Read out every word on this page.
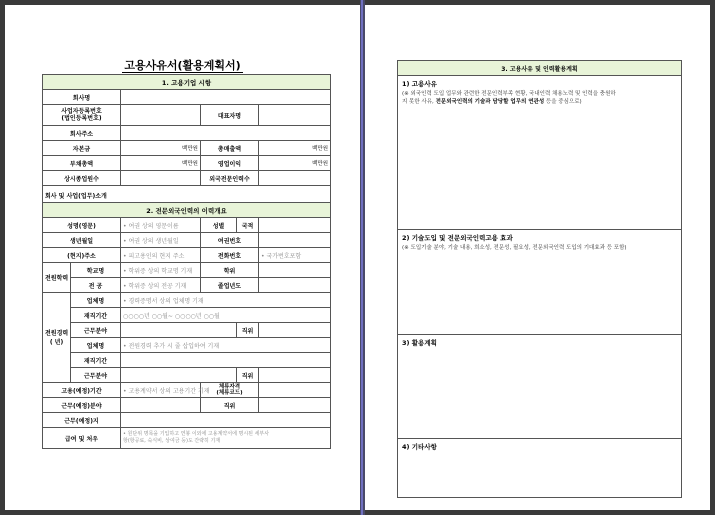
고용사유서(활용계획서)
1. 고용기업 시항					
회사명					
사업자등록번호
(법인등록번호)			대표자명		
회사주소					
자본금		백만원	총매출액		백만원
부채총액		백만원	영업이익		백만원
상시종업원수			외국전문인력수		
회사 및 사업(업무)소개					
2. 전문외국인력의 이력개요					
성명(영문)		• 여권 상의 영문이름	성별	국적	
생년월일		• 여권 상의 생년월일	여권번호		
(현지)주소		• 피고용인의 현지 주소	전화번호		• 국가번호포함
전원학력	학교명	• 학위증 상의 학교명 기재	학위		
	전 공	• 학위증 상의 전공 기재	졸업년도		
전원경력
( 년)	업체명	• 경력증명서 상의 업체명 기재			
	재직기간	○○○○년 ○○월~ ○○○○년 ○○월			
	근무분야			직위	
	업체명	• 전원경력 추가 시 줄 삽입하여 기재			
	재직기간				
	근무분야			직위	
고용(예정)기간		• 고용계약서 상의 고용기간 기재	체류자격
(체류코드)		
근무(예정)분야			직위		
근무(예정)지					
급여 및 처우		• 원단위 명목을 기입하고 연봉 이외에 고용계약서에 명시된 세부사
항(항공료, 숙식비, 상여금 등)도 간략히 기재			
3. 고용사유 및 인력활용계획

1) 고용사유
(※ 외국인력 도입 업무와 관련한 전문인력부족 현황, 국내인력 채용노력 및 인력을 충원하
지 못한 사유, 전문외국인력의 기술과 담당할 업무의 연관성 등을 중심으로)

2) 기술도입 및 전문외국인력고용 효과
(※ 도입기술 분야, 기술 내용, 희소성, 전문성, 필요성, 전문외국인력 도입의 기대효과 등 포함)

3) 활용계획

4) 기타사항
